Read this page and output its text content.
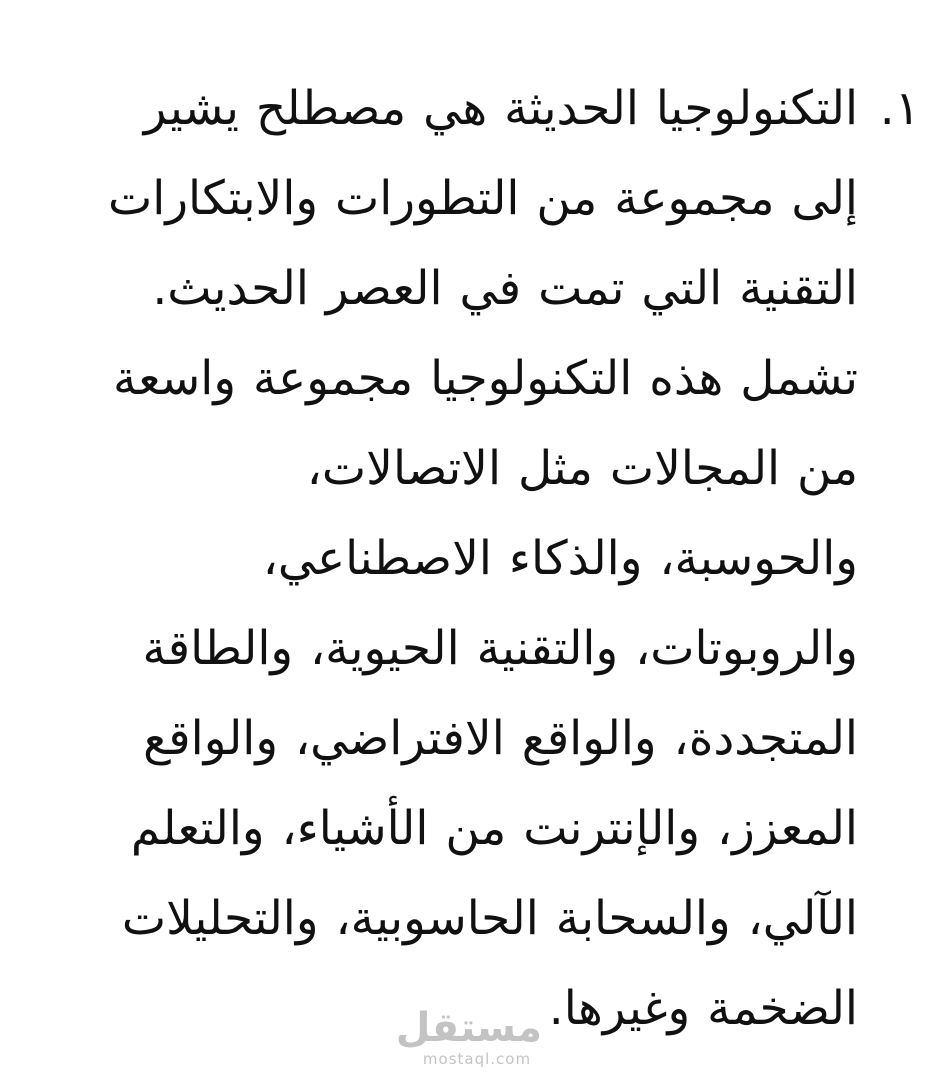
١.

التكنولوجيا الحديثة هي مصطلح يشير
إلى مجموعة من التطورات والابتكارات
التقنية التي تمت في العصر الحديث.
تشمل هذه التكنولوجيا مجموعة واسعة
من المجالات مثل الاتصالات،
والحوسبة، والذكاء الاصطناعي،
والروبوتات، والتقنية الحيوية، والطاقة
المتجددة، والواقع الافتراضي، والواقع
المعزز، والإنترنت من الأشياء، والتعلم
الآلي، والسحابة الحاسوبية، والتحليلات
الضخمة وغيرها.

مستقل
mostaql.com
